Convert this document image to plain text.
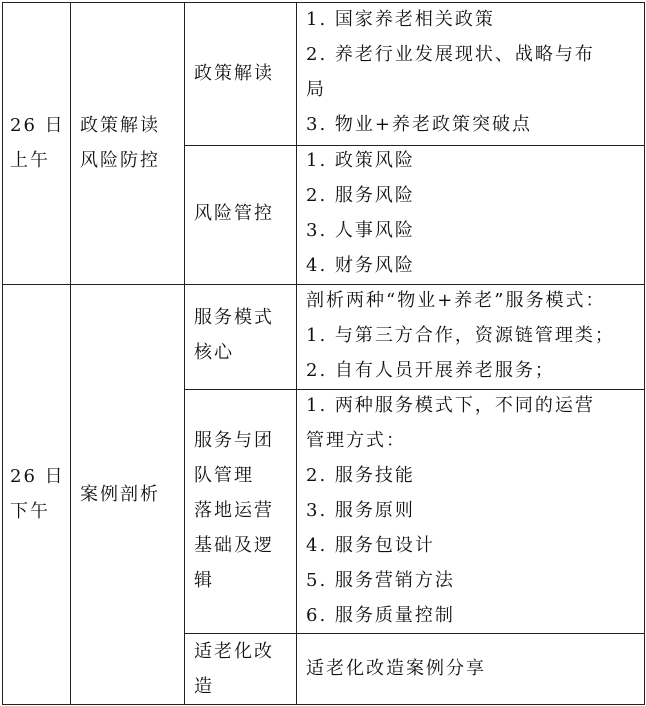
26 日
上午
政策解读
风险防控
政策解读
1. 国家养老相关政策
2. 养老行业发展现状、战略与布
局
3. 物业+养老政策突破点
风险管控
1. 政策风险
2. 服务风险
3. 人事风险
4. 财务风险
26 日
下午
案例剖析
服务模式
核心
剖析两种“物业+养老”服务模式：
1. 与第三方合作，资源链管理类；
2. 自有人员开展养老服务；
服务与团
队管理
落地运营
基础及逻
辑
1. 两种服务模式下，不同的运营
管理方式：
2. 服务技能
3. 服务原则
4. 服务包设计
5. 服务营销方法
6. 服务质量控制
适老化改
造
适老化改造案例分享
